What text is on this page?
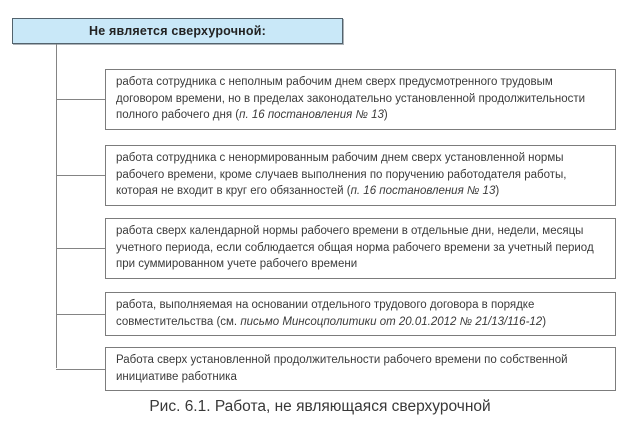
Не является сверхурочной:
работа сотрудника с неполным рабочим днем сверх предусмотренного трудовым договором времени, но в пределах законодательно установленной продолжительности полного рабочего дня (п. 16 постановления № 13)
работа сотрудника с ненормированным рабочим днем сверх установленной нормы рабочего времени, кроме случаев выполнения по поручению работодателя работы, которая не входит в круг его обязанностей (п. 16 постановления № 13)
работа сверх календарной нормы рабочего времени в отдельные дни, недели, месяцы учетного периода, если соблюдается общая норма рабочего времени за учетный период при суммированном учете рабочего времени
работа, выполняемая на основании отдельного трудового договора в порядке совместительства (см. письмо Минсоцполитики от 20.01.2012 № 21/13/116-12)
Работа сверх установленной продолжительности рабочего времени по собственной инициативе работника
Рис. 6.1. Работа, не являющаяся сверхурочной
